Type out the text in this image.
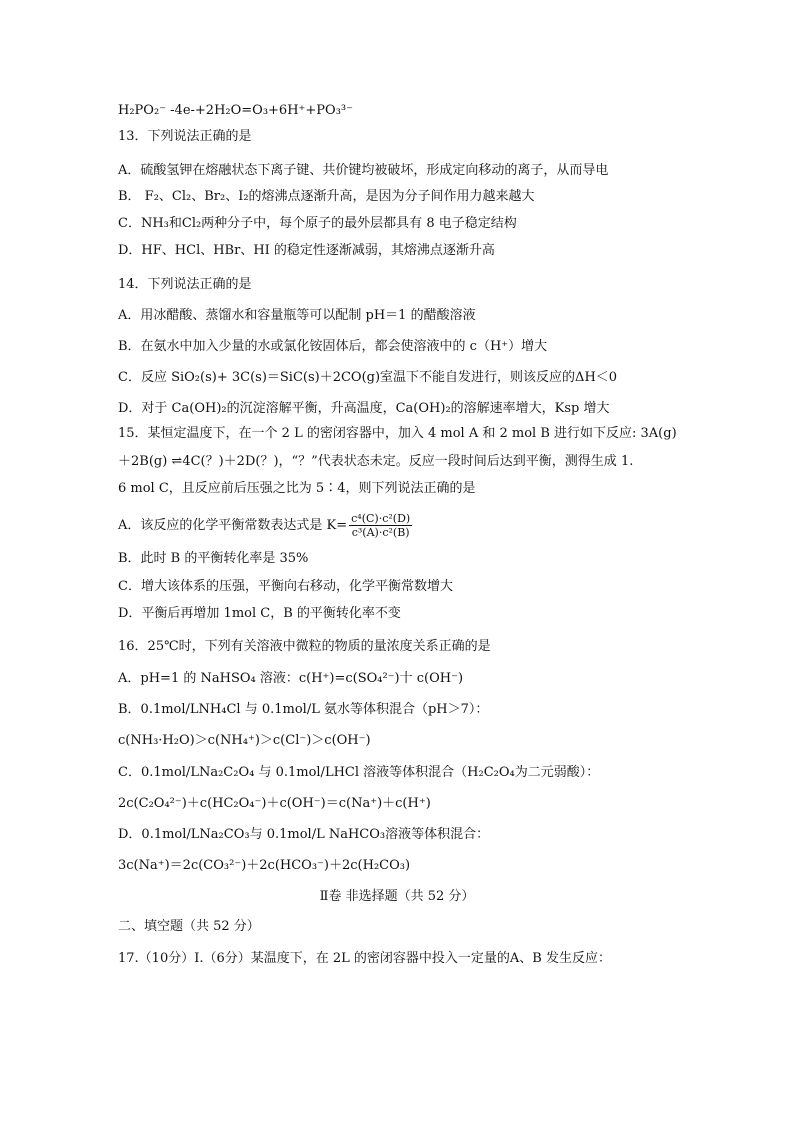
H₂PO₂⁻ -4e-+2H₂O=O₃+6H⁺+PO₃³⁻
13．下列说法正确的是
A．硫酸氢钾在熔融状态下离子键、共价键均被破坏，形成定向移动的离子，从而导电
B． F₂、Cl₂、Br₂、I₂的熔沸点逐渐升高，是因为分子间作用力越来越大
C．NH₃和Cl₂两种分子中，每个原子的最外层都具有 8 电子稳定结构
D．HF、HCl、HBr、HI 的稳定性逐渐减弱，其熔沸点逐渐升高
14．下列说法正确的是
A．用冰醋酸、蒸馏水和容量瓶等可以配制 pH＝1 的醋酸溶液
B．在氨水中加入少量的水或氯化铵固体后，都会使溶液中的 c（H⁺）增大
C．反应 SiO₂(s)+ 3C(s)＝SiC(s)＋2CO(g)室温下不能自发进行，则该反应的ΔH＜0
D．对于 Ca(OH)₂的沉淀溶解平衡，升高温度，Ca(OH)₂的溶解速率增大，Ksp 增大
15．某恒定温度下，在一个 2 L 的密闭容器中，加入 4 mol A 和 2 mol B 进行如下反应: 3A(g)
＋2B(g) ⇌4C(？)＋2D(？)，“？”代表状态未定。反应一段时间后达到平衡，测得生成 1.
6 mol C，且反应前后压强之比为 5∶4，则下列说法正确的是
A．该反应的化学平衡常数表达式是 $K= \frac{\text{c⁴(C)·c²(D)}}{\text{c³(A)·c²(B)}}$
B．此时 B 的平衡转化率是 35%
C．增大该体系的压强，平衡向右移动，化学平衡常数增大
D．平衡后再增加 1mol C，B 的平衡转化率不变
16．25℃时，下列有关溶液中微粒的物质的量浓度关系正确的是
A．pH=1 的 NaHSO₄ 溶液：c(H⁺)=c(SO₄²⁻)十 c(OH⁻)
B．0.1mol/LNH₄Cl 与 0.1mol/L 氨水等体积混合（pH＞7）：
c(NH₃·H₂O)＞c(NH₄⁺)＞c(Cl⁻)＞c(OH⁻)
C．0.1mol/LNa₂C₂O₄ 与 0.1mol/LHCl 溶液等体积混合（H₂C₂O₄为二元弱酸）：
2c(C₂O₄²⁻)＋c(HC₂O₄⁻)＋c(OH⁻)＝c(Na⁺)＋c(H⁺)
D．0.1mol/LNa₂CO₃与 0.1mol/L NaHCO₃溶液等体积混合：
3c(Na⁺)＝2c(CO₃²⁻)＋2c(HCO₃⁻)＋2c(H₂CO₃)
Ⅱ卷 非选择题（共 52 分）
二、填空题（共 52 分）
17.（10分）Ⅰ.（6分）某温度下，在 2L 的密闭容器中投入一定量的A、B 发生反应：
